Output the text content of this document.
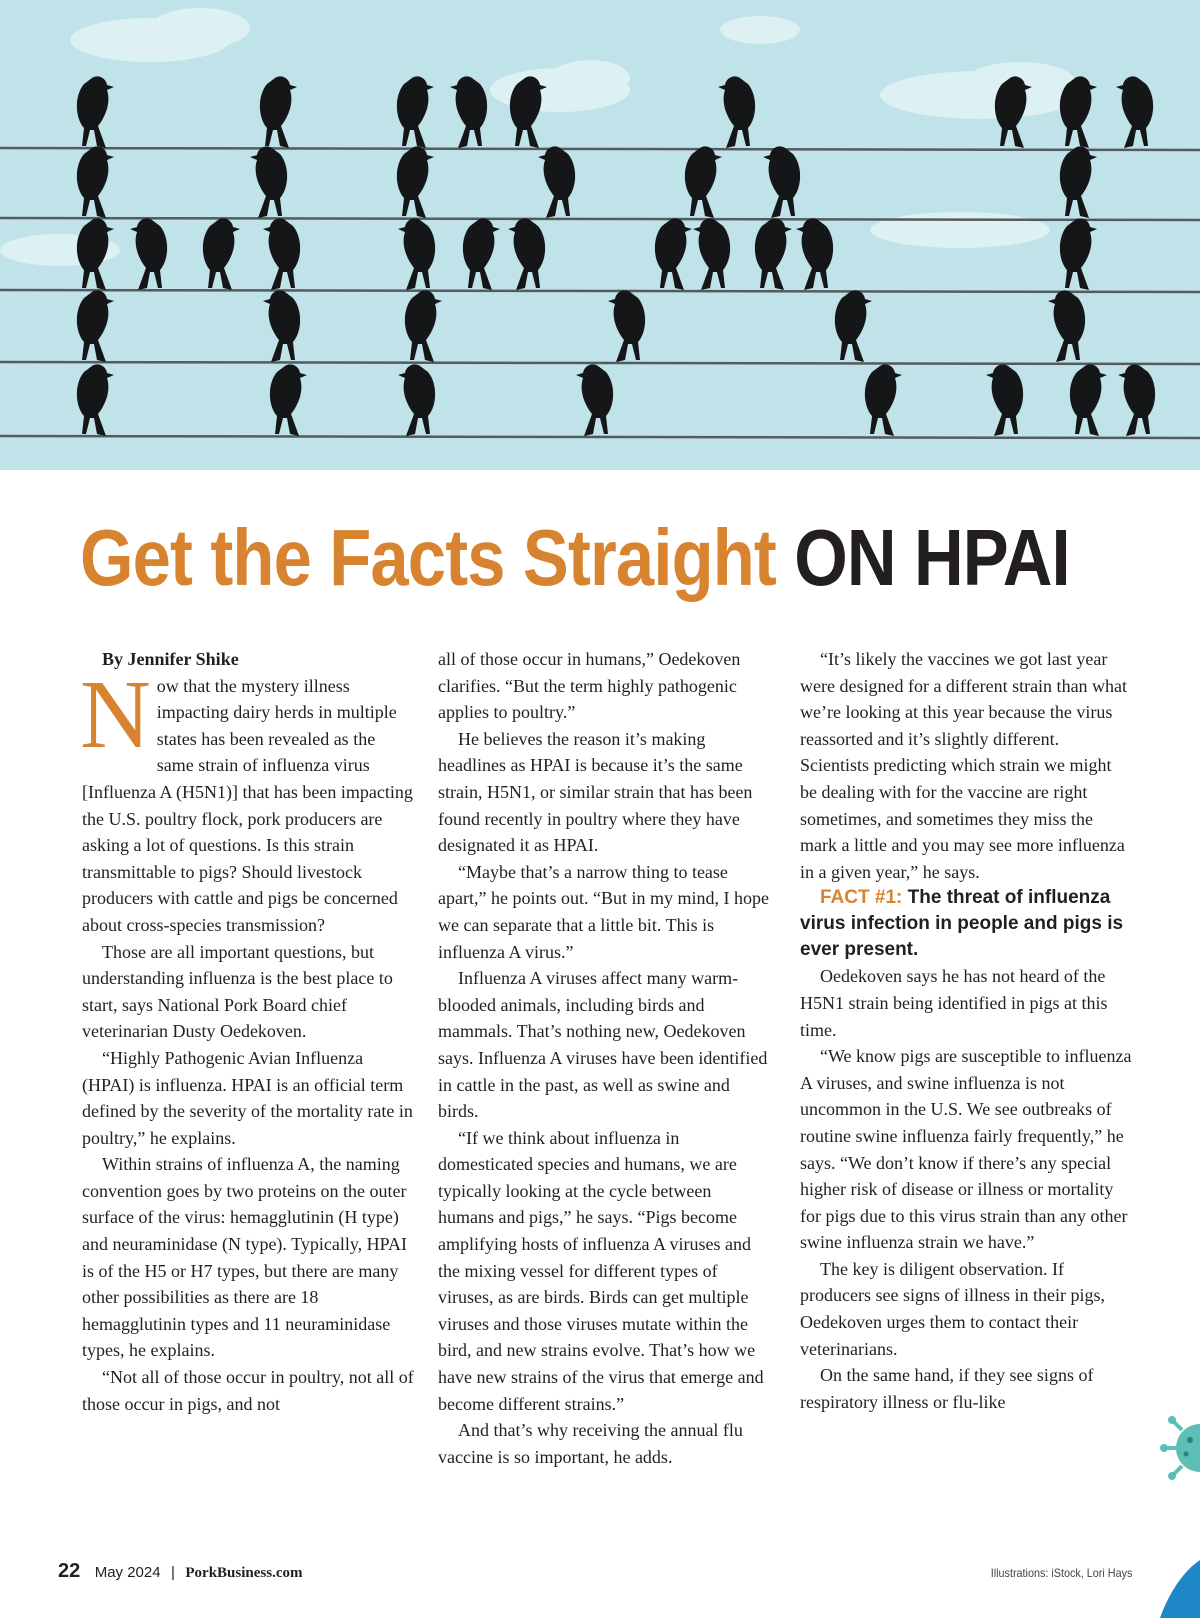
Get the Facts Straight ON HPAI

By Jennifer Shike

Now that the mystery illness impacting dairy herds in multiple states has been revealed as the same strain of influenza virus [Influenza A (H5N1)] that has been impacting the U.S. poultry flock, pork producers are asking a lot of questions. Is this strain transmittable to pigs? Should livestock producers with cattle and pigs be concerned about cross-species transmission?

Those are all important questions, but understanding influenza is the best place to start, says National Pork Board chief veterinarian Dusty Oedekoven.

“Highly Pathogenic Avian Influenza (HPAI) is influenza. HPAI is an official term defined by the severity of the mortality rate in poultry,” he explains.

Within strains of influenza A, the naming convention goes by two proteins on the outer surface of the virus: hemagglutinin (H type) and neuraminidase (N type). Typically, HPAI is of the H5 or H7 types, but there are many other possibilities as there are 18 hemagglutinin types and 11 neuraminidase types, he explains.

“Not all of those occur in poultry, not all of those occur in pigs, and not

all of those occur in humans,” Oedekoven clarifies. “But the term highly pathogenic applies to poultry.”

He believes the reason it’s making headlines as HPAI is because it’s the same strain, H5N1, or similar strain that has been found recently in poultry where they have designated it as HPAI.

“Maybe that’s a narrow thing to tease apart,” he points out. “But in my mind, I hope we can separate that a little bit. This is influenza A virus.”

Influenza A viruses affect many warm-blooded animals, including birds and mammals. That’s nothing new, Oedekoven says. Influenza A viruses have been identified in cattle in the past, as well as swine and birds.

“If we think about influenza in domesticated species and humans, we are typically looking at the cycle between humans and pigs,” he says. “Pigs become amplifying hosts of influenza A viruses and the mixing vessel for different types of viruses, as are birds. Birds can get multiple viruses and those viruses mutate within the bird, and new strains evolve. That’s how we have new strains of the virus that emerge and become different strains.”

And that’s why receiving the annual flu vaccine is so important, he adds.

“It’s likely the vaccines we got last year were designed for a different strain than what we’re looking at this year because the virus reassorted and it’s slightly different. Scientists predicting which strain we might be dealing with for the vaccine are right sometimes, and sometimes they miss the mark a little and you may see more influenza in a given year,” he says.

FACT #1: The threat of influenza virus infection in people and pigs is ever present.

Oedekoven says he has not heard of the H5N1 strain being identified in pigs at this time.

“We know pigs are susceptible to influenza A viruses, and swine influenza is not uncommon in the U.S. We see outbreaks of routine swine influenza fairly frequently,” he says. “We don’t know if there’s any special higher risk of disease or illness or mortality for pigs due to this virus strain than any other swine influenza strain we have.”

The key is diligent observation. If producers see signs of illness in their pigs, Oedekoven urges them to contact their veterinarians.

On the same hand, if they see signs of respiratory illness or flu-like

22 May 2024 | PorkBusiness.com	Illustrations: iStock, Lori Hays
